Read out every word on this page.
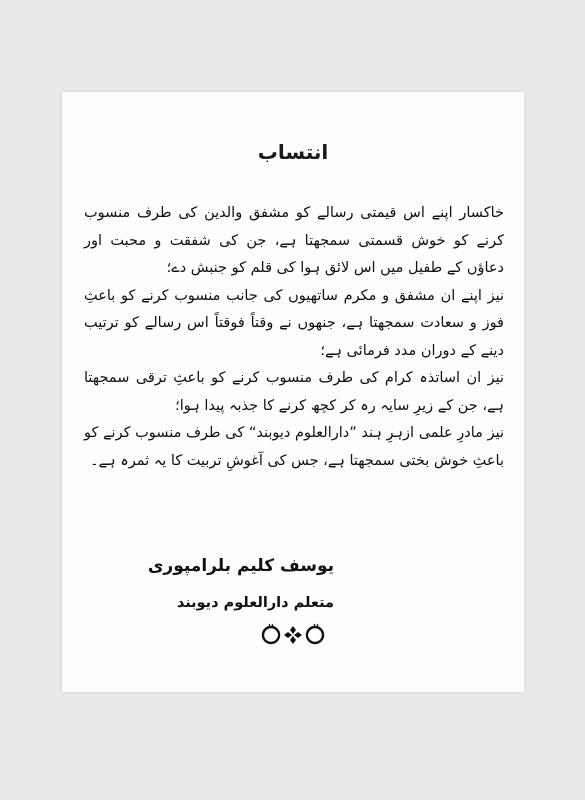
انتساب

خاکسار اپنے اس قیمتی رسالے کو مشفق والدین کی طرف منسوب کرنے کو خوش قسمتی سمجھتا ہے، جن کی شفقت و محبت اور دعاؤں کے طفیل میں اس لائق ہوا کی قلم کو جنبش دے؛

نیز اپنے ان مشفق و مکرم ساتھیوں کی جانب منسوب کرنے کو باعثِ فوز و سعادت سمجھتا ہے، جنھوں نے وقتاً فوقتاً اس رسالے کو ترتیب دینے کے دوران مدد فرمائی ہے؛

نیز ان اساتذہ کرام کی طرف منسوب کرنے کو باعثِ ترقی سمجھتا ہے، جن کے زیرِ سایہ رہ کر کچھ کرنے کا جذبہ پیدا ہوا؛

نیز مادرِ علمی ازہرِ ہند ”دارالعلوم دیوبند“ کی طرف منسوب کرنے کو باعثِ خوش بختی سمجھتا ہے، جس کی آغوشِ تربیت کا یہ ثمرہ ہے۔

یوسف کلیم بلرامپوری
متعلم دارالعلوم دیوبند
